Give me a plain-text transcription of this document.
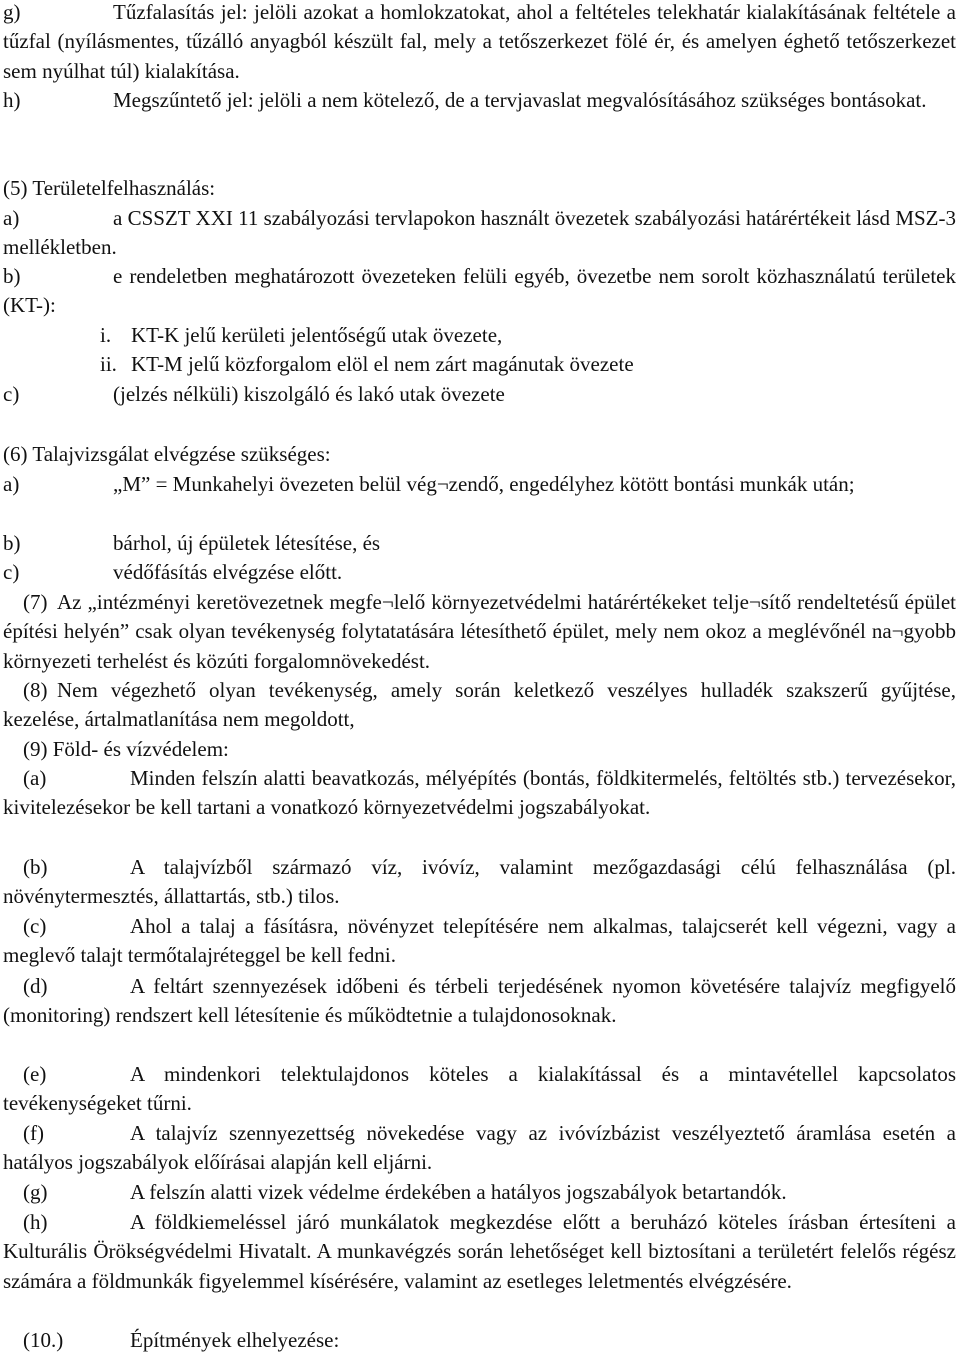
g)	Tűzfalasítás jel: jelöli azokat a homlokzatokat, ahol a feltételes telekhatár kialakításának feltétele a tűzfal (nyílásmentes, tűzálló anyagból készült fal, mely a tetőszerkezet fölé ér, és amelyen éghető tetőszerkezet sem nyúlhat túl) kialakítása.

h)	Megszűntető jel: jelöli a nem kötelező, de a tervjavaslat megvalósításához szükséges bontásokat.

(5) Területelfelhasználás:

a)	a CSSZT XXI 11 szabályozási tervlapokon használt övezetek szabályozási határértékeit lásd MSZ-3 mellékletben.

b)	e rendeletben meghatározott övezeteken felüli egyéb, övezetbe nem sorolt közhasználatú területek (KT-):

i. KT-K jelű kerületi jelentőségű utak övezete,
ii. KT-M jelű közforgalom elöl el nem zárt magánutak övezete

c)	(jelzés nélküli) kiszolgáló és lakó utak övezete

(6) Talajvizsgálat elvégzése szükséges:

a)	„M” = Munkahelyi övezeten belül vég¬zendő, engedélyhez kötött bontási munkák után;

b)	bárhol, új épületek létesítése, és

c)	védőfásítás elvégzése előtt.

(7) Az „intézményi keretövezetnek megfe¬lelő környezetvédelmi határértékeket telje¬sítő rendeltetésű épület építési helyén” csak olyan tevékenység folytatatására létesíthető épület, mely nem okoz a meglévőnél na¬gyobb környezeti terhelést és közúti forgalomnövekedést.

(8) Nem végezhető olyan tevékenység, amely során keletkező veszélyes hulladék szakszerű gyűjtése, kezelése, ártalmatlanítása nem megoldott,

(9) Föld- és vízvédelem:

(a)	Minden felszín alatti beavatkozás, mélyépítés (bontás, földkitermelés, feltöltés stb.) tervezésekor, kivitelezésekor be kell tartani a vonatkozó környezetvédelmi jogszabályokat.

(b)	A talajvízből származó víz, ivóvíz, valamint mezőgazdasági célú felhasználása (pl. növénytermesztés, állattartás, stb.) tilos.

(c)	Ahol a talaj a fásításra, növényzet telepítésére nem alkalmas, talajcserét kell végezni, vagy a meglevő talajt termőtalajréteggel be kell fedni.

(d)	A feltárt szennyezések időbeni és térbeli terjedésének nyomon követésére talajvíz megfigyelő (monitoring) rendszert kell létesítenie és működtetnie a tulajdonosoknak.

(e)	A mindenkori telektulajdonos köteles a kialakítással és a mintavétellel kapcsolatos tevékenységeket tűrni.

(f)	A talajvíz szennyezettség növekedése vagy az ivóvízbázist veszélyeztető áramlása esetén a hatályos jogszabályok előírásai alapján kell eljárni.

(g)	A felszín alatti vizek védelme érdekében a hatályos jogszabályok betartandók.

(h)	A földkiemeléssel járó munkálatok megkezdése előtt a beruházó köteles írásban értesíteni a Kulturális Örökségvédelmi Hivatalt. A munkavégzés során lehetőséget kell biztosítani a területért felelős régész számára a földmunkák figyelemmel kísérésére, valamint az esetleges leletmentés elvégzésére.

(10.)	Építmények elhelyezése:
